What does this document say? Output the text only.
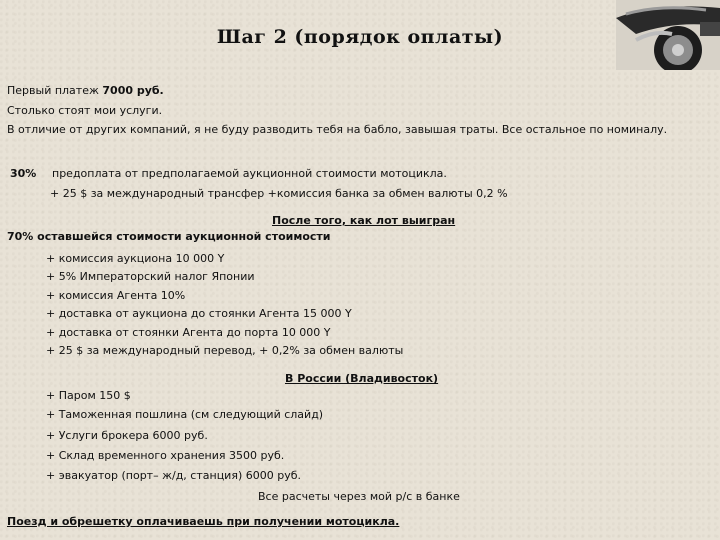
Шаг 2 (порядок оплаты)
Первый платеж 7000 руб.
Столько стоят мои услуги.
В отличие от других компаний, я не буду разводить тебя на бабло, завышая траты. Все остальное по номиналу.
30% предоплата от предполагаемой аукционной стоимости мотоцикла.
+ 25 $ за международный трансфер +комиссия банка за обмен валюты 0,2 %
После того, как лот выигран
70% оставшейся стоимости аукционной стоимости
+ комиссия аукциона 10 000 Y
+ 5% Императорский налог Японии
+ комиссия Агента 10%
+ доставка от аукциона до стоянки Агента 15 000 Y
+ доставка от стоянки Агента до порта 10 000 Y
+ 25 $ за международный перевод, + 0,2% за обмен валюты
В России (Владивосток)
+ Паром 150 $
+ Таможенная пошлина (см следующий слайд)
+ Услуги брокера 6000 руб.
+ Склад временного хранения 3500 руб.
+ эвакуатор (порт– ж/д, станция) 6000 руб.
Все расчеты через мой р/с в банке
Поезд и обрешетку оплачиваешь при получении мотоцикла.
